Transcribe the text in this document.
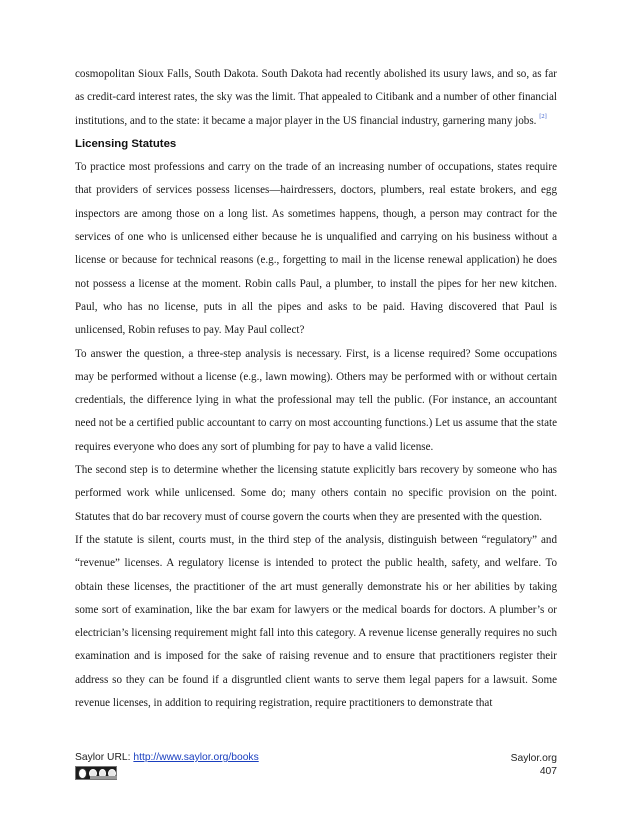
cosmopolitan Sioux Falls, South Dakota. South Dakota had recently abolished its usury laws, and so, as far as credit-card interest rates, the sky was the limit. That appealed to Citibank and a number of other financial institutions, and to the state: it became a major player in the US financial industry, garnering many jobs. [2]

Licensing Statutes

To practice most professions and carry on the trade of an increasing number of occupations, states require that providers of services possess licenses—hairdressers, doctors, plumbers, real estate brokers, and egg inspectors are among those on a long list. As sometimes happens, though, a person may contract for the services of one who is unlicensed either because he is unqualified and carrying on his business without a license or because for technical reasons (e.g., forgetting to mail in the license renewal application) he does not possess a license at the moment. Robin calls Paul, a plumber, to install the pipes for her new kitchen. Paul, who has no license, puts in all the pipes and asks to be paid. Having discovered that Paul is unlicensed, Robin refuses to pay. May Paul collect?

To answer the question, a three-step analysis is necessary. First, is a license required? Some occupations may be performed without a license (e.g., lawn mowing). Others may be performed with or without certain credentials, the difference lying in what the professional may tell the public. (For instance, an accountant need not be a certified public accountant to carry on most accounting functions.) Let us assume that the state requires everyone who does any sort of plumbing for pay to have a valid license.

The second step is to determine whether the licensing statute explicitly bars recovery by someone who has performed work while unlicensed. Some do; many others contain no specific provision on the point. Statutes that do bar recovery must of course govern the courts when they are presented with the question.

If the statute is silent, courts must, in the third step of the analysis, distinguish between “regulatory” and “revenue” licenses. A regulatory license is intended to protect the public health, safety, and welfare. To obtain these licenses, the practitioner of the art must generally demonstrate his or her abilities by taking some sort of examination, like the bar exam for lawyers or the medical boards for doctors. A plumber’s or electrician’s licensing requirement might fall into this category. A revenue license generally requires no such examination and is imposed for the sake of raising revenue and to ensure that practitioners register their address so they can be found if a disgruntled client wants to serve them legal papers for a lawsuit. Some revenue licenses, in addition to requiring registration, require practitioners to demonstrate that

Saylor URL: http://www.saylor.org/books	Saylor.org
407
